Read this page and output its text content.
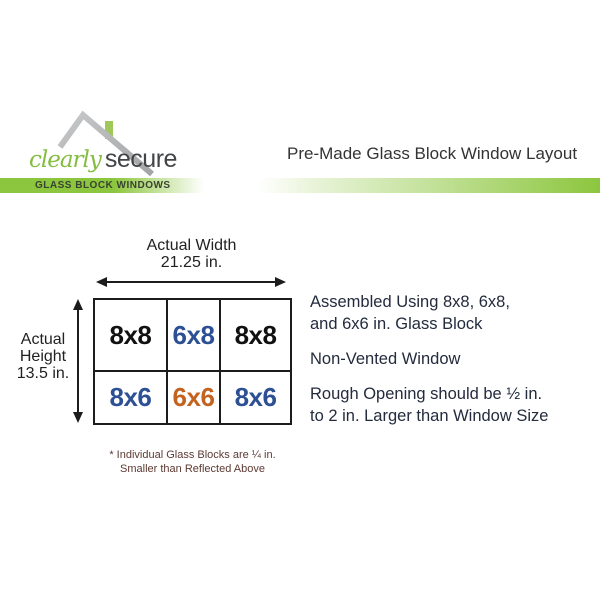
clearly secure
GLASS BLOCK WINDOWS
Pre-Made Glass Block Window Layout
Actual Width
21.25 in.
Actual
Height
13.5 in.
8x8 6x8 8x8
8x6 6x6 8x6
* Individual Glass Blocks are ¼ in.
Smaller than Reflected Above

Assembled Using 8x8, 6x8,
and 6x6 in. Glass Block

Non-Vented Window

Rough Opening should be ½ in.
to 2 in. Larger than Window Size
